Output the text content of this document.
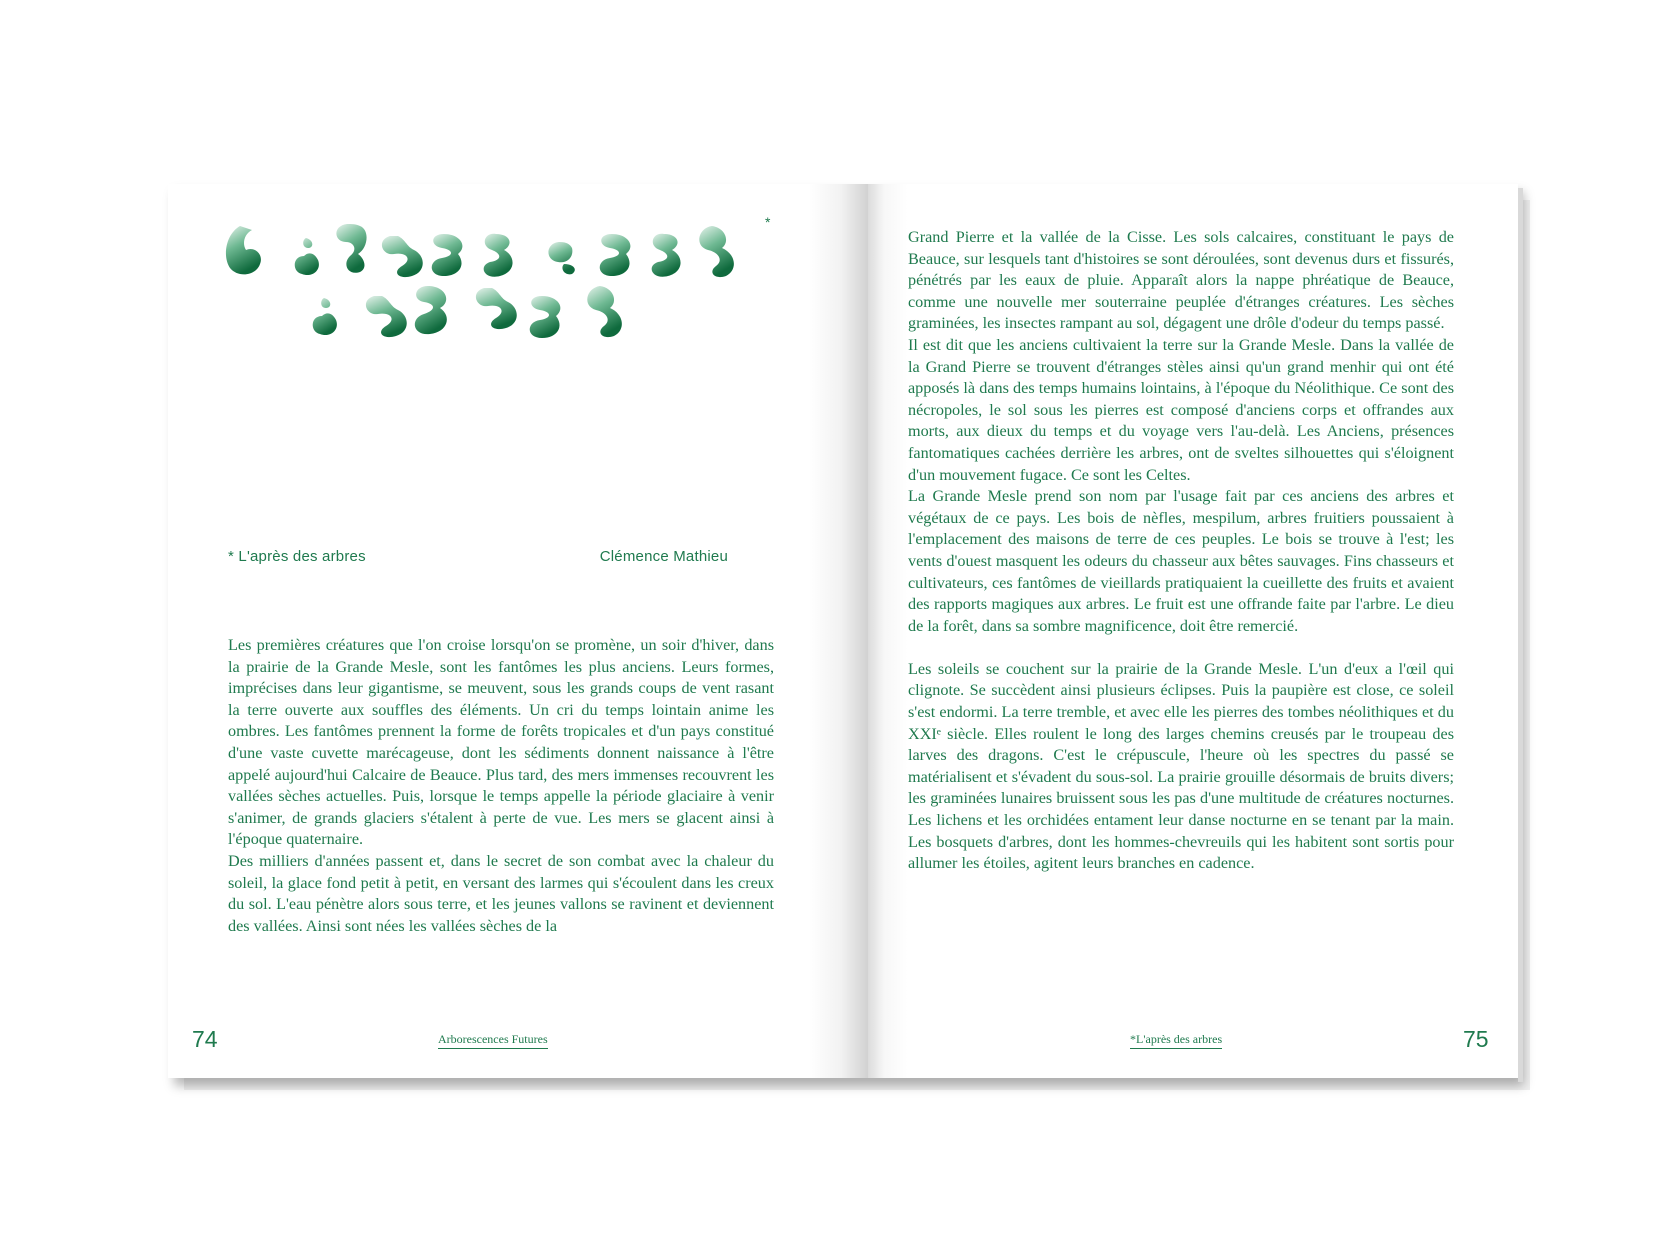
*
* L'après des arbres	Clémence Mathieu

Les premières créatures que l'on croise lorsqu'on se promène, un soir d'hiver, dans la prairie de la Grande Mesle, sont les fantômes les plus anciens. Leurs formes, imprécises dans leur gigantisme, se meuvent, sous les grands coups de vent rasant la terre ouverte aux souffles des éléments. Un cri du temps lointain anime les ombres. Les fantômes prennent la forme de forêts tropicales et d'un pays constitué d'une vaste cuvette marécageuse, dont les sédiments donnent naissance à l'être appelé aujourd'hui Calcaire de Beauce. Plus tard, des mers immenses recouvrent les vallées sèches actuelles. Puis, lorsque le temps appelle la période glaciaire à venir s'animer, de grands glaciers s'étalent à perte de vue. Les mers se glacent ainsi à l'époque quaternaire.

Des milliers d'années passent et, dans le secret de son combat avec la chaleur du soleil, la glace fond petit à petit, en versant des larmes qui s'écoulent dans les creux du sol. L'eau pénètre alors sous terre, et les jeunes vallons se ravinent et deviennent des vallées. Ainsi sont nées les vallées sèches de la

Grand Pierre et la vallée de la Cisse. Les sols calcaires, constituant le pays de Beauce, sur lesquels tant d'histoires se sont déroulées, sont devenus durs et fissurés, pénétrés par les eaux de pluie. Apparaît alors la nappe phréatique de Beauce, comme une nouvelle mer souterraine peuplée d'étranges créatures. Les sèches graminées, les insectes rampant au sol, dégagent une drôle d'odeur du temps passé.

Il est dit que les anciens cultivaient la terre sur la Grande Mesle. Dans la vallée de la Grand Pierre se trouvent d'étranges stèles ainsi qu'un grand menhir qui ont été apposés là dans des temps humains lointains, à l'époque du Néolithique. Ce sont des nécropoles, le sol sous les pierres est composé d'anciens corps et offrandes aux morts, aux dieux du temps et du voyage vers l'au-delà. Les Anciens, présences fantomatiques cachées derrière les arbres, ont de sveltes silhouettes qui s'éloignent d'un mouvement fugace. Ce sont les Celtes.

La Grande Mesle prend son nom par l'usage fait par ces anciens des arbres et végétaux de ce pays. Les bois de nèfles, mespilum, arbres fruitiers poussaient à l'emplacement des maisons de terre de ces peuples. Le bois se trouve à l'est; les vents d'ouest masquent les odeurs du chasseur aux bêtes sauvages. Fins chasseurs et cultivateurs, ces fantômes de vieillards pratiquaient la cueillette des fruits et avaient des rapports magiques aux arbres. Le fruit est une offrande faite par l'arbre. Le dieu de la forêt, dans sa sombre magnificence, doit être remercié.

Les soleils se couchent sur la prairie de la Grande Mesle. L'un d'eux a l'œil qui clignote. Se succèdent ainsi plusieurs éclipses. Puis la paupière est close, ce soleil s'est endormi. La terre tremble, et avec elle les pierres des tombes néolithiques et du XXIᵉ siècle. Elles roulent le long des larges chemins creusés par le troupeau des larves des dragons. C'est le crépuscule, l'heure où les spectres du passé se matérialisent et s'évadent du sous-sol. La prairie grouille désormais de bruits divers; les graminées lunaires bruissent sous les pas d'une multitude de créatures nocturnes. Les lichens et les orchidées entament leur danse nocturne en se tenant par la main. Les bosquets d'arbres, dont les hommes-chevreuils qui les habitent sont sortis pour allumer les étoiles, agitent leurs branches en cadence.

74	Arborescences Futures	*L'après des arbres	75
